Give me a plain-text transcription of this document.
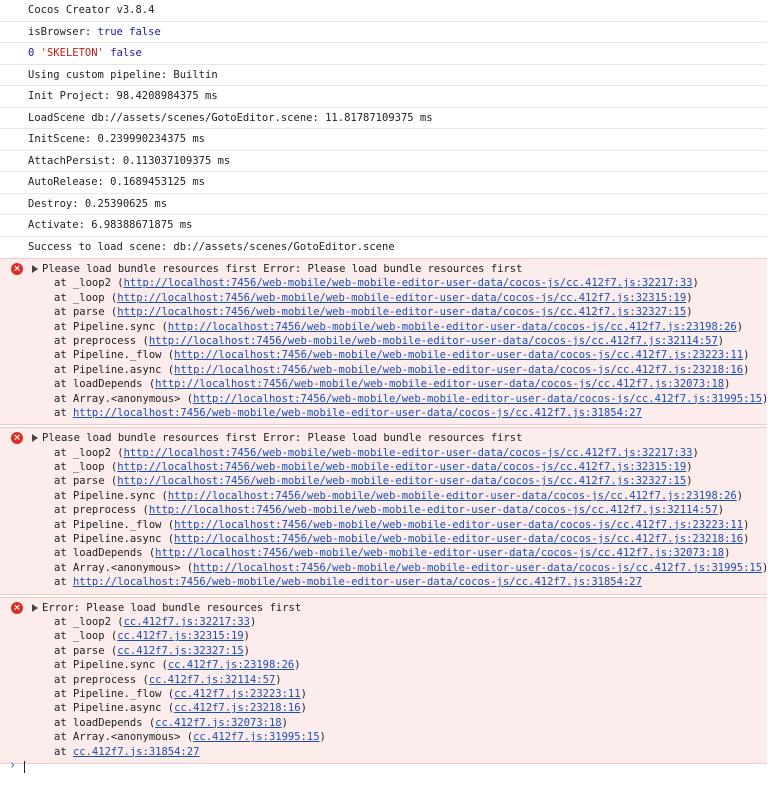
Cocos Creator v3.8.4
isBrowser: true false
0 'SKELETON' false
Using custom pipeline: Builtin
Init Project: 98.4208984375 ms
LoadScene db://assets/scenes/GotoEditor.scene: 11.81787109375 ms
InitScene: 0.239990234375 ms
AttachPersist: 0.113037109375 ms
AutoRelease: 0.1689453125 ms
Destroy: 0.25390625 ms
Activate: 6.98388671875 ms
Success to load scene: db://assets/scenes/GotoEditor.scene
× Please load bundle resources first Error: Please load bundle resources first
at _loop2 (http://localhost:7456/web-mobile/web-mobile-editor-user-data/cocos-js/cc.412f7.js:32217:33)
at _loop (http://localhost:7456/web-mobile/web-mobile-editor-user-data/cocos-js/cc.412f7.js:32315:19)
at parse (http://localhost:7456/web-mobile/web-mobile-editor-user-data/cocos-js/cc.412f7.js:32327:15)
at Pipeline.sync (http://localhost:7456/web-mobile/web-mobile-editor-user-data/cocos-js/cc.412f7.js:23198:26)
at preprocess (http://localhost:7456/web-mobile/web-mobile-editor-user-data/cocos-js/cc.412f7.js:32114:57)
at Pipeline._flow (http://localhost:7456/web-mobile/web-mobile-editor-user-data/cocos-js/cc.412f7.js:23223:11)
at Pipeline.async (http://localhost:7456/web-mobile/web-mobile-editor-user-data/cocos-js/cc.412f7.js:23218:16)
at loadDepends (http://localhost:7456/web-mobile/web-mobile-editor-user-data/cocos-js/cc.412f7.js:32073:18)
at Array.<anonymous> (http://localhost:7456/web-mobile/web-mobile-editor-user-data/cocos-js/cc.412f7.js:31995:15)
at http://localhost:7456/web-mobile/web-mobile-editor-user-data/cocos-js/cc.412f7.js:31854:27
× Please load bundle resources first Error: Please load bundle resources first
at _loop2 (http://localhost:7456/web-mobile/web-mobile-editor-user-data/cocos-js/cc.412f7.js:32217:33)
at _loop (http://localhost:7456/web-mobile/web-mobile-editor-user-data/cocos-js/cc.412f7.js:32315:19)
at parse (http://localhost:7456/web-mobile/web-mobile-editor-user-data/cocos-js/cc.412f7.js:32327:15)
at Pipeline.sync (http://localhost:7456/web-mobile/web-mobile-editor-user-data/cocos-js/cc.412f7.js:23198:26)
at preprocess (http://localhost:7456/web-mobile/web-mobile-editor-user-data/cocos-js/cc.412f7.js:32114:57)
at Pipeline._flow (http://localhost:7456/web-mobile/web-mobile-editor-user-data/cocos-js/cc.412f7.js:23223:11)
at Pipeline.async (http://localhost:7456/web-mobile/web-mobile-editor-user-data/cocos-js/cc.412f7.js:23218:16)
at loadDepends (http://localhost:7456/web-mobile/web-mobile-editor-user-data/cocos-js/cc.412f7.js:32073:18)
at Array.<anonymous> (http://localhost:7456/web-mobile/web-mobile-editor-user-data/cocos-js/cc.412f7.js:31995:15)
at http://localhost:7456/web-mobile/web-mobile-editor-user-data/cocos-js/cc.412f7.js:31854:27
× Error: Please load bundle resources first
at _loop2 (cc.412f7.js:32217:33)
at _loop (cc.412f7.js:32315:19)
at parse (cc.412f7.js:32327:15)
at Pipeline.sync (cc.412f7.js:23198:26)
at preprocess (cc.412f7.js:32114:57)
at Pipeline._flow (cc.412f7.js:23223:11)
at Pipeline.async (cc.412f7.js:23218:16)
at loadDepends (cc.412f7.js:32073:18)
at Array.<anonymous> (cc.412f7.js:31995:15)
at cc.412f7.js:31854:27
›
